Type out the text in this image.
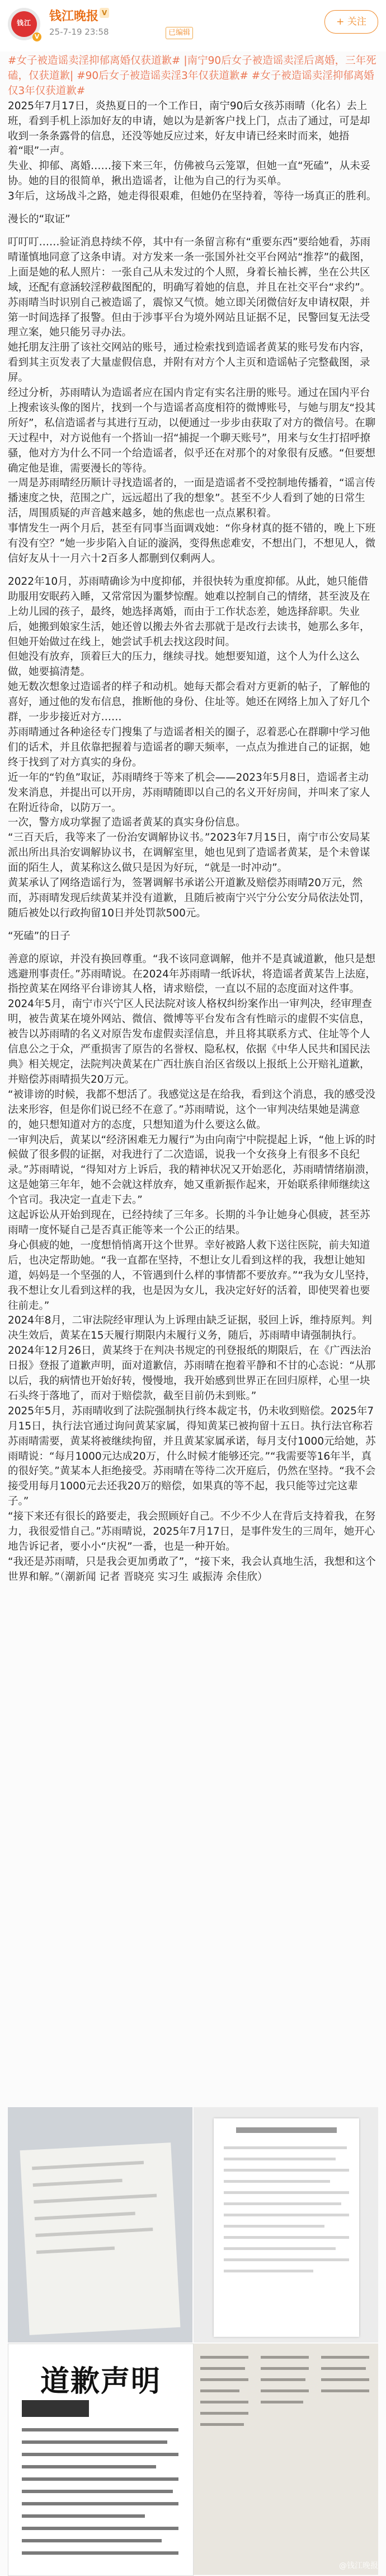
钱江
V
钱江晚报 V
25-7-19 23:58	已编辑
+ 关注

#女子被造谣卖淫抑郁离婚仅获道歉# |南宁90后女子被造谣卖淫后离婚，三年死磕，仅获道歉| #90后女子被造谣卖淫3年仅获道歉# #女子被造谣卖淫抑郁离婚仅3年仅获道歉#

2025年7月17日，炎热夏日的一个工作日，南宁90后女孩苏雨晴（化名）去上班，看到手机上添加好友的申请，她以为是新客户找上门，点击了通过，可是却收到一条条露骨的信息，还没等她反应过来，好友申请已经来时而来，她捂着“眼”一声。

失业、抑郁、离婚……接下来三年，仿佛被乌云笼罩，但她一直“死磕”，从未妥协。她的目的很简单，揪出造谣者，让他为自己的行为买单。

3年后，这场战斗之路，她走得很艰难，但她仍在坚持着，等待一场真正的胜利。

漫长的“取证”

叮叮叮……验证消息持续不停，其中有一条留言称有“重要东西”要给她看，苏雨晴谨慎地同意了这条申请。对方发来一条一张国外社交平台网站“推荐”的截图，上面是她的私人照片：一张自己从未发过的个人照，身着长袖长裤，坐在公共区域，还配有意涵较淫秽截图配的，明确写着她的信息，并且在社交平台“求约”。

苏雨晴当时识别自己被造谣了，震惊又气愤。她立即关闭微信好友申请权限，并第一时间选择了报警。但由于涉事平台为境外网站且证据不足，民警回复无法受理立案，她只能另寻办法。

她托朋友注册了该社交网站的账号，通过检索找到造谣者黄某的账号发布内容，看到其主页发表了大量虚假信息，并附有对方个人主页和造谣帖子完整截图，录屏。

经过分析，苏雨晴认为造谣者应在国内肯定有实名注册的账号。通过在国内平台上搜索该头像的图片，找到一个与造谣者高度相符的微博账号，与她与朋友“投其所好”，私信造谣者与其进行互动，以便通过一步步由获取了对方的微信号。在聊天过程中，对方说他有一个搭讪一招“捕捉一个聊天账号”，用来与女生打招呼撩骚，他对方为什么不同一个给造谣者，似乎还在对那个的对象很有反感。“但要想确定他是谁，需要漫长的等待。

一周是苏雨晴经历顺计寻找造谣者的，一面是造谣者不受控制地传播着，“谣言传播速度之快，范围之广，远远超出了我的想象”。甚至不少人看到了她的日常生活，周围质疑的声音越来越多，她的焦虑也一点点累积着。

事情发生一两个月后，甚至有同事当面调戏她：“你身材真的挺不错的，晚上下班有没有空？”她一步步陷入自证的漩涡，变得焦虑难安，不想出门，不想见人，微信好友从十一月六十2百多人都删到仅剩两人。

2022年10月，苏雨晴确诊为中度抑郁，并很快转为重度抑郁。从此，她只能借助服用安眠药入睡，又常常因为噩梦惊醒。她难以控制自己的情绪，甚至波及在上幼儿园的孩子，最终，她选择离婚，而由于工作状态差，她选择辞职。失业后，她搬到娘家生活，她还曾以搬去外省去那就于是改行去读书，她那么多年，但她开始做过在线上，她尝试手机去找这段时间。

但她没有放弃，顶着巨大的压力，继续寻找。她想要知道，这个人为什么这么做，她要搞清楚。

她无数次想象过造谣者的样子和动机。她每天都会看对方更新的帖子，了解他的喜好，通过他的发布信息，推断他的身份、住址等。她还在网络上加入了好几个群，一步步接近对方……

苏雨晴通过各种途径专门搜集了与造谣者相关的圈子，忍着恶心在群聊中学习他们的话术，并且依靠把握着与造谣者的聊天频率，一点点为推进自己的证据，她终于找到了对方真实的身份。

近一年的“钓鱼”取证，苏雨晴终于等来了机会——2023年5月8日，造谣者主动发来消息，并提出可以开房，苏雨晴随即以自己的名义开好房间，并叫来了家人在附近待命，以防万一。

一次，警方成功掌握了造谣者黄某的真实身份信息。

“三百天后，我等来了一份治安调解协议书。”2023年7月15日，南宁市公安局某派出所出具治安调解协议书，在调解室里，她也见到了造谣者黄某，是个未曾谋面的陌生人，黄某称这么做只是因为好玩，“就是一时冲动”。

黄某承认了网络造谣行为，签署调解书承诺公开道歉及赔偿苏雨晴20万元，然而，苏雨晴发现后续黄某并没有道歉，且随后被南宁兴宁分公安分局依法处罚，随后被处以行政拘留10日并处罚款500元。

“死磕”的日子

善意的原谅，并没有换回尊重。“我不该同意调解，他并不是真诚道歉，他只是想逃避刑事责任。”苏雨晴说。在2024年苏雨晴一纸诉状，将造谣者黄某告上法庭，指控黄某在网络平台诽谤其人格，请求赔偿，一直以不屈的态度面对这件事。

2024年5月，南宁市兴宁区人民法院对该人格权纠纷案作出一审判决，经审理查明，被告黄某在境外网站、微信、微博等平台发布含有性暗示的虚假不实信息，被告以苏雨晴的名义对原告发布虚假卖淫信息，并且将其联系方式、住址等个人信息公之于众，严重损害了原告的名誉权、隐私权，依据《中华人民共和国民法典》相关规定，法院判决黄某在广西壮族自治区省级以上报纸上公开赔礼道歉，并赔偿苏雨晴损失20万元。

“被诽谤的时候，我都不想活了。我感觉这是在给我，看到这个消息，我的感受没法来形容，但是你们说已经不在意了。”苏雨晴说，这个一审判决结果她是满意的，她只想知道对方的态度，只想知道为什么要这么做。

一审判决后，黄某以“经济困难无力履行”为由向南宁中院提起上诉，“他上诉的时候做了很多假的证据，对我进行了二次造谣，说我一个女孩身上有很多不良纪录。”苏雨晴说，“得知对方上诉后，我的精神状况又开始恶化，苏雨晴情绪崩溃，这是她第三年年，她不会就这样放弃，她又重新振作起来，开始联系律师继续这个官司。我决定一直走下去。”

这起诉讼从开始到现在，已经持续了三年多。长期的斗争让她身心俱疲，甚至苏雨晴一度怀疑自己是否真正能等来一个公正的结果。

身心俱疲的她，一度想悄悄离开这个世界。幸好被路人救下送往医院，前夫知道后，也决定帮助她。“我一直都在坚持，不想让女儿看到这样的我，我想让她知道，妈妈是一个坚强的人，不管遇到什么样的事情都不要放弃。”“我为女儿坚持，我不想让女儿看到这样的我，也是因为女儿，我决定好好的活着，即使哭着也要往前走。”

2024年8月，二审法院经审理认为上诉理由缺乏证据，驳回上诉，维持原判。判决生效后，黄某在15天履行期限内未履行义务，随后，苏雨晴申请强制执行。2024年12月26日，黄某终于在判决书规定的刊登报纸的期限后，在《广西法治日报》登报了道歉声明，面对道歉信，苏雨晴在抱着平静和不甘的心态说：“从那以后，我的病情也开始好转，慢慢地，我开始感到世界正在回归原样，心里一块石头终于落地了，而对于赔偿款，截至目前仍未到账。”

2025年5月，苏雨晴收到了法院强制执行终本裁定书，仍未收到赔偿。2025年7月15日，执行法官通过询问黄某家属，得知黄某已被拘留十五日。执行法官称若苏雨晴需要，黄某将被继续拘留，并且黄某家属承诺，每月支付1000元给她，苏雨晴说：“每月1000元达成20万，什么时候才能够还完。”“我需要等16年半，真的很好笑。”黄某本人拒绝接受。苏雨晴在等待二次开庭后，仍然在坚持。“我不会接受用每月1000元去还我20万的赔偿，如果真的等不起，我只能等过完这辈子。”

“接下来还有很长的路要走，我会照顾好自己。不少不少人在背后支持着我，在努力，我很爱惜自己。”苏雨晴说，2025年7月17日，是事件发生的三周年，她开心地告诉记者，要小小“庆祝”一番，也是一种开始。

“我还是苏雨晴，只是我会更加勇敢了”，“接下来，我会认真地生活，我想和这个世界和解。”（潮新闻 记者 晋晓亮 实习生 戚振涛 余佳欣）

道歉声明
@钱江晚报
